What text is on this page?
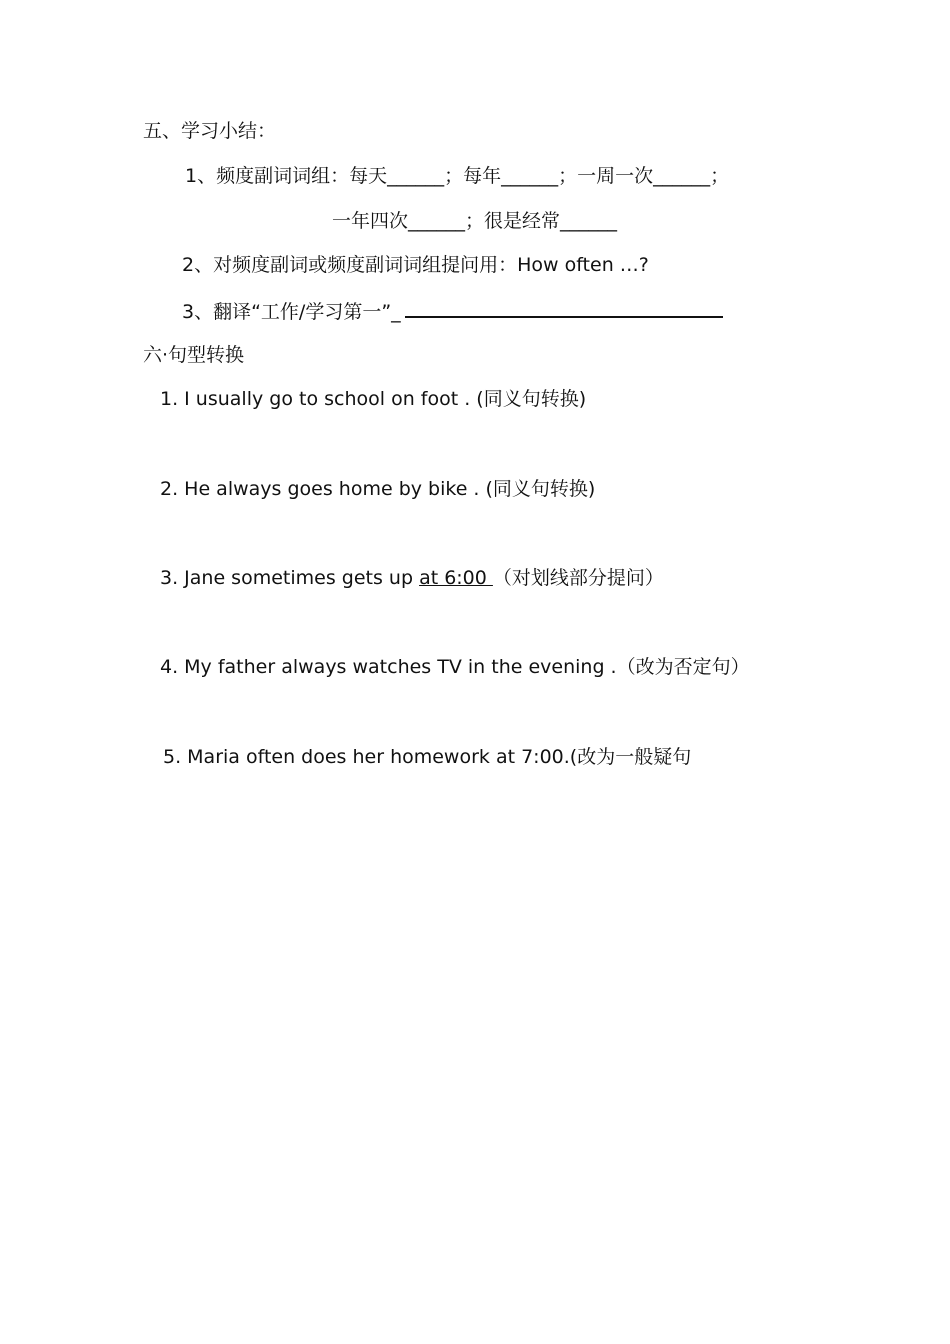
五、学习小结：
1、频度副词词组：每天______；每年______；一周一次______；
一年四次______；很是经常______
2、对频度副词或频度副词词组提问用：How often …?
3、翻译“工作/学习第一”_
六·句型转换
1. I usually go to school on foot . (同义句转换)
2. He always goes home by bike . (同义句转换)
3. Jane sometimes gets up at 6:00 （对划线部分提问）
4. My father always watches TV in the evening .（改为否定句）
5. Maria often does her homework at 7:00.(改为一般疑句
